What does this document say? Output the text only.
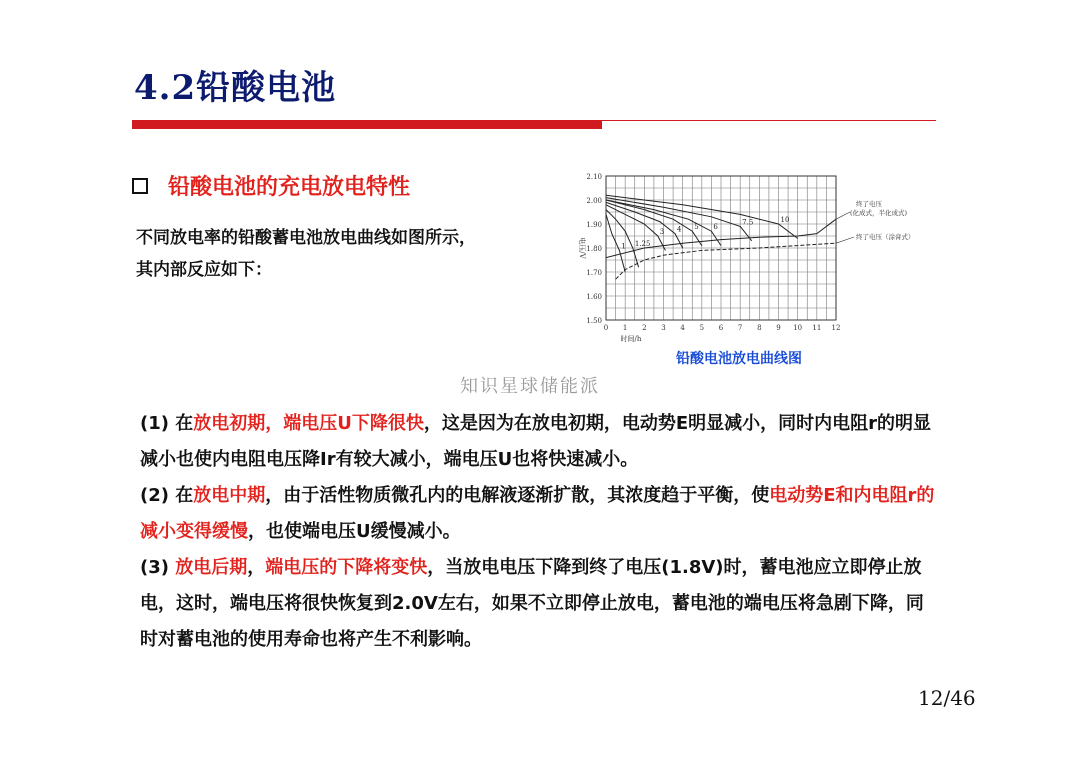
4.2铅酸电池
铅酸电池的充电放电特性
不同放电率的铅酸蓄电池放电曲线如图所示，
其内部反应如下：
1.50
1.60
1.70
1.80
1.90
2.00
2.10
0 1 2 3 4 5 6 7 8 9 10 11 12
时间/h
电压/V	1 1.25
3 4 5 6
7.5	10
终了电压
(化成式，半化成式)
终了电压（涂膏式）
铅酸电池放电曲线图
知识星球储能派
(1) 在放电初期，端电压U下降很快，这是因为在放电初期，电动势E明显减小，同时内电阻r的明显减小也使内电阻电压降Ir有较大减小，端电压U也将快速减小。
(2) 在放电中期，由于活性物质微孔内的电解液逐渐扩散，其浓度趋于平衡，使电动势E和内电阻r的减小变得缓慢，也使端电压U缓慢减小。
(3) 放电后期，端电压的下降将变快，当放电电压下降到终了电压(1.8V)时，蓄电池应立即停止放电，这时，端电压将很快恢复到2.0V左右，如果不立即停止放电，蓄电池的端电压将急剧下降，同时对蓄电池的使用寿命也将产生不利影响。
12/46
